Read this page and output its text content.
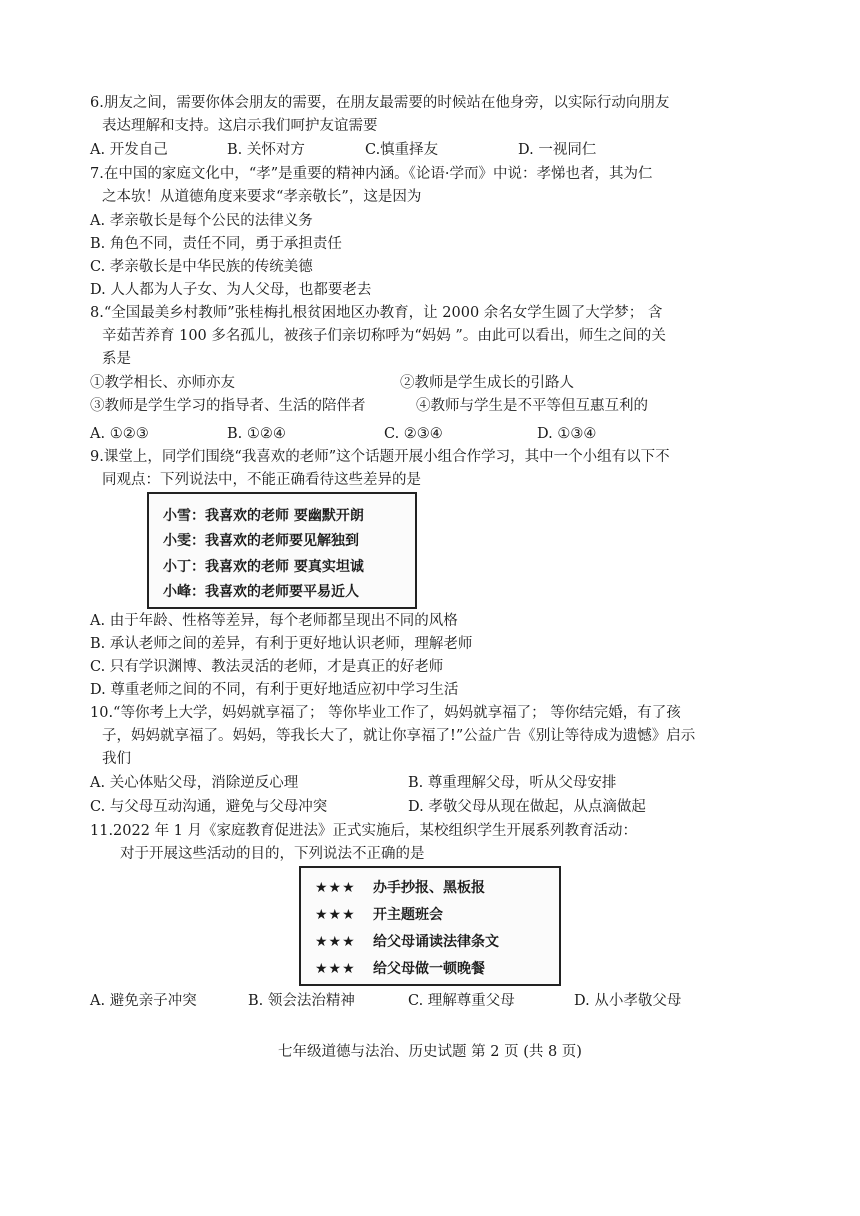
6.朋友之间，需要你体会朋友的需要，在朋友最需要的时候站在他身旁，以实际行动向朋友
表达理解和支持。这启示我们呵护友谊需要
A. 开发自己	B. 关怀对方	C.慎重择友	D. 一视同仁
7.在中国的家庭文化中，“孝”是重要的精神内涵。《论语·学而》中说：孝悌也者，其为仁
之本欤！从道德角度来要求“孝亲敬长”，这是因为
A. 孝亲敬长是每个公民的法律义务
B. 角色不同，责任不同，勇于承担责任
C. 孝亲敬长是中华民族的传统美德
D. 人人都为人子女、为人父母，也都要老去
8.“全国最美乡村教师”张桂梅扎根贫困地区办教育，让 2000 余名女学生圆了大学梦； 含
辛茹苦养育 100 多名孤儿，被孩子们亲切称呼为“妈妈 ”。由此可以看出，师生之间的关
系是
①教学相长、亦师亦友	②教师是学生成长的引路人
③教师是学生学习的指导者、生活的陪伴者	④教师与学生是不平等但互惠互利的
A. ①②③	B. ①②④	C. ②③④	D. ①③④
9.课堂上，同学们围绕“我喜欢的老师”这个话题开展小组合作学习，其中一个小组有以下不
同观点：下列说法中，不能正确看待这些差异的是
小雪：我喜欢的老师 要幽默开朗
小雯：我喜欢的老师要见解独到
小丁：我喜欢的老师 要真实坦诚
小峰：我喜欢的老师要平易近人
A. 由于年龄、性格等差异，每个老师都呈现出不同的风格
B. 承认老师之间的差异，有利于更好地认识老师，理解老师
C. 只有学识渊博、教法灵活的老师，才是真正的好老师
D. 尊重老师之间的不同，有利于更好地适应初中学习生活
10.“等你考上大学，妈妈就享福了； 等你毕业工作了，妈妈就享福了； 等你结完婚，有了孩
子，妈妈就享福了。妈妈，等我长大了，就让你享福了!”公益广告《别让等待成为遗憾》启示
我们
A. 关心体贴父母，消除逆反心理	B. 尊重理解父母，听从父母安排
C. 与父母互动沟通，避免与父母冲突	D. 孝敬父母从现在做起，从点滴做起
11.2022 年 1 月《家庭教育促进法》正式实施后，某校组织学生开展系列教育活动：
对于开展这些活动的目的，下列说法不正确的是
★★★ 办手抄报、黑板报
★★★ 开主题班会
★★★ 给父母诵读法律条文
★★★ 给父母做一顿晚餐
A. 避免亲子冲突	B. 领会法治精神	C. 理解尊重父母	D. 从小孝敬父母
七年级道德与法治、历史试题 第 2 页 (共 8 页)
